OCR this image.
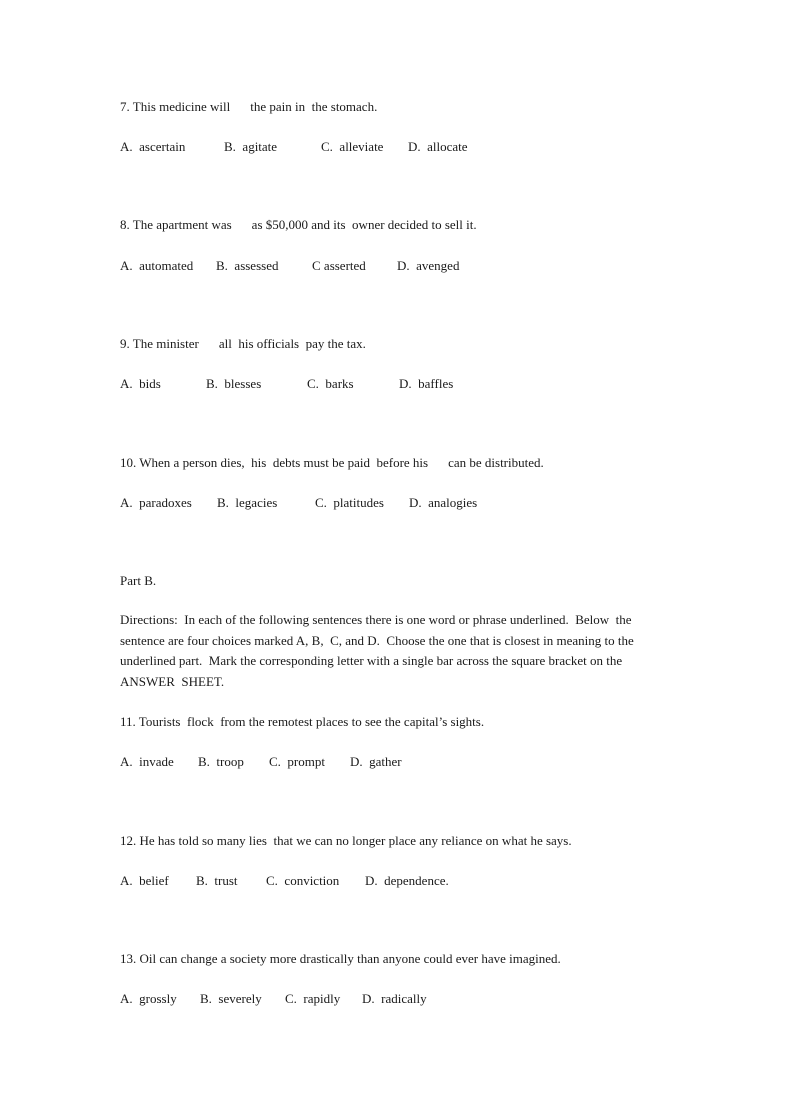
7. This medicine will the pain in  the stomach.
A.  ascertain	B.  agitate	C.  alleviate D.  allocate
8. The apartment was as $50,000 and its  owner decided to sell it.
A.  automated B.  assessed	C asserted D.  avenged
9. The minister all  his officials  pay the tax.
A.  bids	B.  blesses	C.  barks	D.  baffles
10. When a person dies,  his  debts must be paid  before his can be distributed.
A.  paradoxes B.  legacies	C.  platitudes D.  analogies
Part B.
Directions:  In each of the following sentences there is one word or phrase underlined.  Below  the
sentence are four choices marked A, B,  C, and D.  Choose the one that is closest in meaning to the
underlined part.  Mark the corresponding letter with a single bar across the square bracket on the
ANSWER  SHEET.
11. Tourists  flock  from the remotest places to see the capital’s sights.
A.  invade B.  troop C.  prompt D.  gather
12. He has told so many lies  that we can no longer place any reliance on what he says.
A.  belief B.  trust C.  conviction D.  dependence.
13. Oil can change a society more drastically than anyone could ever have imagined.
A.  grossly B.  severely C.  rapidly D.  radically
